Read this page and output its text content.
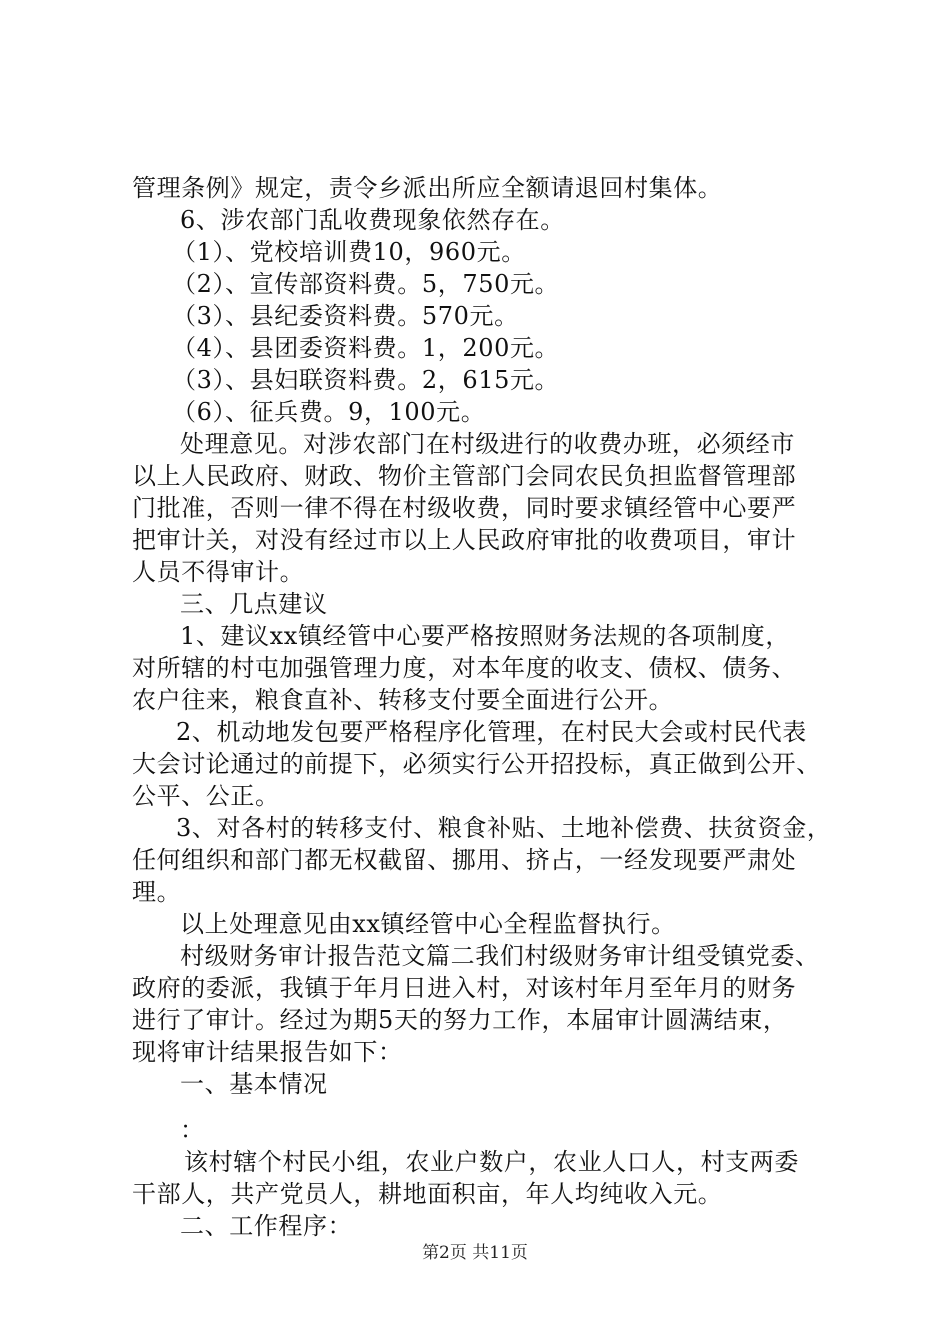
管理条例》规定，责令乡派出所应全额请退回村集体。
6、涉农部门乱收费现象依然存在。
（1）、党校培训费10，960元。
（2）、宣传部资料费。5，750元。
（3）、县纪委资料费。570元。
（4）、县团委资料费。1，200元。
（3）、县妇联资料费。2，615元。
（6）、征兵费。9，100元。
处理意见。对涉农部门在村级进行的收费办班，必须经市
以上人民政府、财政、物价主管部门会同农民负担监督管理部
门批准，否则一律不得在村级收费，同时要求镇经管中心要严
把审计关，对没有经过市以上人民政府审批的收费项目，审计
人员不得审计。
三、几点建议
1、建议xx镇经管中心要严格按照财务法规的各项制度，
对所辖的村屯加强管理力度，对本年度的收支、债权、债务、
农户往来，粮食直补、转移支付要全面进行公开。
2、机动地发包要严格程序化管理，在村民大会或村民代表
大会讨论通过的前提下，必须实行公开招投标，真正做到公开、
公平、公正。
3、对各村的转移支付、粮食补贴、土地补偿费、扶贫资金，
任何组织和部门都无权截留、挪用、挤占，一经发现要严肃处
理。
以上处理意见由xx镇经管中心全程监督执行。
村级财务审计报告范文篇二我们村级财务审计组受镇党委、
政府的委派，我镇于年月日进入村，对该村年月至年月的财务
进行了审计。经过为期5天的努力工作，本届审计圆满结束，
现将审计结果报告如下：
一、基本情况
：
该村辖个村民小组，农业户数户，农业人口人，村支两委
干部人，共产党员人，耕地面积亩，年人均纯收入元。
二、工作程序：
第2页 共11页
